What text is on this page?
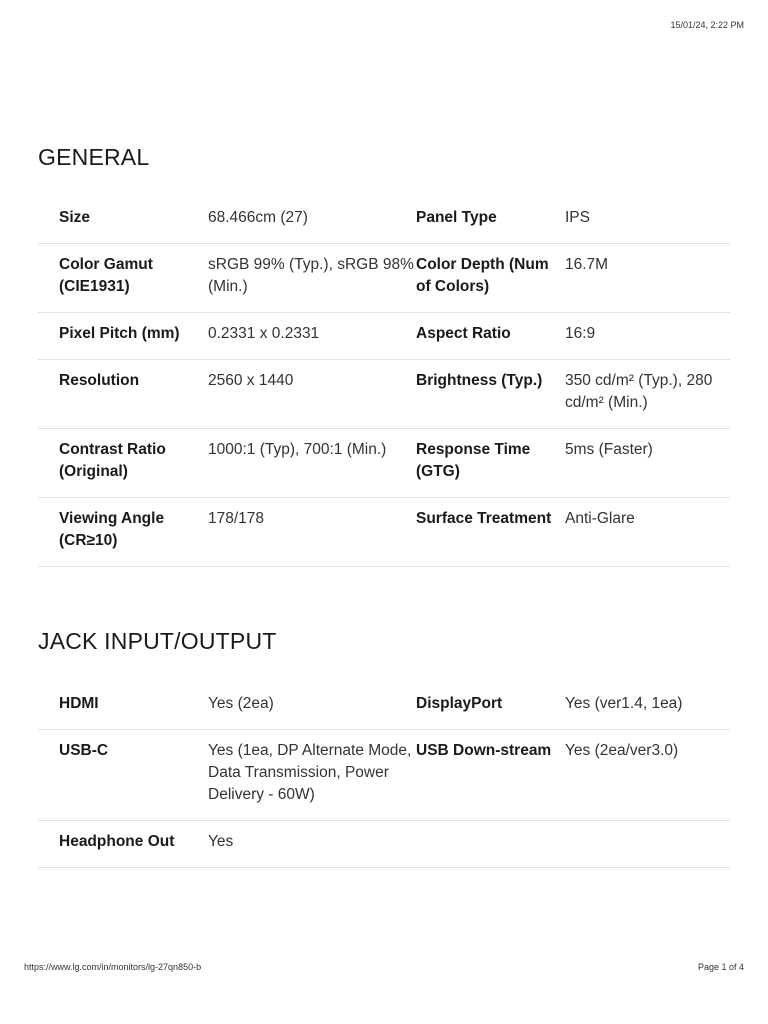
15/01/24, 2:22 PM
GENERAL
Size	68.466cm (27)	Panel Type	IPS
Color Gamut (CIE1931)	sRGB 99% (Typ.), sRGB 98% (Min.)	Color Depth (Num of Colors)	16.7M
Pixel Pitch (mm)	0.2331 x 0.2331	Aspect Ratio	16:9
Resolution	2560 x 1440	Brightness (Typ.)	350 cd/m² (Typ.), 280 cd/m² (Min.)
Contrast Ratio (Original)	1000:1 (Typ), 700:1 (Min.)	Response Time (GTG)	5ms (Faster)
Viewing Angle (CR≥10)	178/178	Surface Treatment	Anti-Glare
JACK INPUT/OUTPUT
HDMI	Yes (2ea)	DisplayPort	Yes (ver1.4, 1ea)
USB-C	Yes (1ea, DP Alternate Mode, Data Transmission, Power Delivery - 60W)	USB Down-stream	Yes (2ea/ver3.0)
Headphone Out	Yes		
https://www.lg.com/in/monitors/lg-27qn850-b	Page 1 of 4
